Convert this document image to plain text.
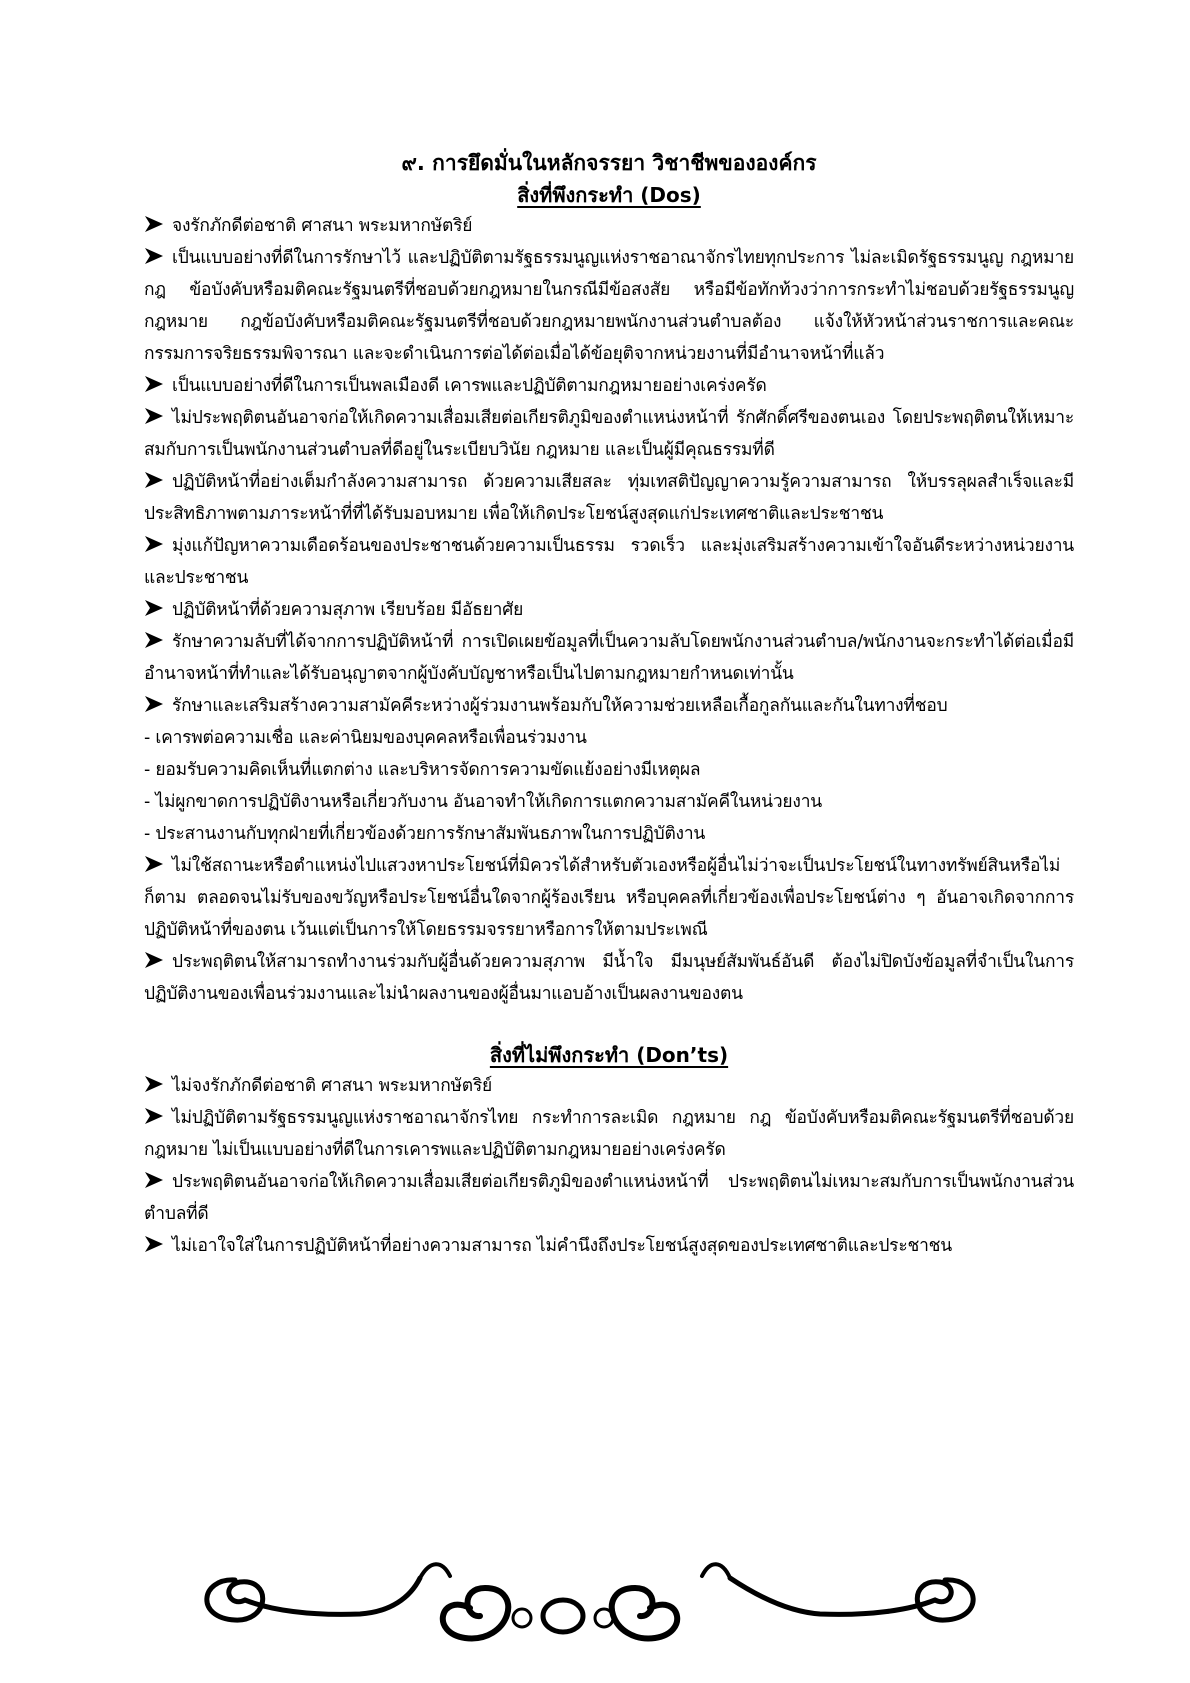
๙. การยึดมั่นในหลักจรรยา วิชาชีพขององค์กร
สิ่งที่พึงกระทำ (Dos)

จงรักภักดีต่อชาติ ศาสนา พระมหากษัตริย์

เป็นแบบอย่างที่ดีในการรักษาไว้ และปฏิบัติตามรัฐธรรมนูญแห่งราชอาณาจักรไทยทุกประการ ไม่ละเมิดรัฐธรรมนูญ กฎหมาย กฎ ข้อบังคับหรือมติคณะรัฐมนตรีที่ชอบด้วยกฎหมายในกรณีมีข้อสงสัย หรือมีข้อทักท้วงว่าการกระทำไม่ชอบด้วยรัฐธรรมนูญ กฎหมาย กฎข้อบังคับหรือมติคณะรัฐมนตรีที่ชอบด้วยกฎหมายพนักงานส่วนตำบลต้อง แจ้งให้หัวหน้าส่วนราชการและคณะกรรมการจริยธรรมพิจารณา และจะดำเนินการต่อได้ต่อเมื่อได้ข้อยุติจากหน่วยงานที่มีอำนาจหน้าที่แล้ว

เป็นแบบอย่างที่ดีในการเป็นพลเมืองดี เคารพและปฏิบัติตามกฎหมายอย่างเคร่งครัด

ไม่ประพฤติตนอันอาจก่อให้เกิดความเสื่อมเสียต่อเกียรติภูมิของตำแหน่งหน้าที่ รักศักดิ์ศรีของตนเอง โดยประพฤติตนให้เหมาะสมกับการเป็นพนักงานส่วนตำบลที่ดีอยู่ในระเบียบวินัย กฎหมาย และเป็นผู้มีคุณธรรมที่ดี

ปฏิบัติหน้าที่อย่างเต็มกำลังความสามารถ ด้วยความเสียสละ ทุ่มเทสติปัญญาความรู้ความสามารถ ให้บรรลุผลสำเร็จและมีประสิทธิภาพตามภาระหน้าที่ที่ได้รับมอบหมาย เพื่อให้เกิดประโยชน์สูงสุดแก่ประเทศชาติและประชาชน

มุ่งแก้ปัญหาความเดือดร้อนของประชาชนด้วยความเป็นธรรม รวดเร็ว และมุ่งเสริมสร้างความเข้าใจอันดีระหว่างหน่วยงานและประชาชน

ปฏิบัติหน้าที่ด้วยความสุภาพ เรียบร้อย มีอัธยาศัย

รักษาความลับที่ได้จากการปฏิบัติหน้าที่ การเปิดเผยข้อมูลที่เป็นความลับโดยพนักงานส่วนตำบล/พนักงานจะกระทำได้ต่อเมื่อมีอำนาจหน้าที่ทำและได้รับอนุญาตจากผู้บังคับบัญชาหรือเป็นไปตามกฎหมายกำหนดเท่านั้น

รักษาและเสริมสร้างความสามัคคีระหว่างผู้ร่วมงานพร้อมกับให้ความช่วยเหลือเกื้อกูลกันและกันในทางที่ชอบ

- เคารพต่อความเชื่อ และค่านิยมของบุคคลหรือเพื่อนร่วมงาน

- ยอมรับความคิดเห็นที่แตกต่าง และบริหารจัดการความขัดแย้งอย่างมีเหตุผล

- ไม่ผูกขาดการปฏิบัติงานหรือเกี่ยวกับงาน อันอาจทำให้เกิดการแตกความสามัคคีในหน่วยงาน

- ประสานงานกับทุกฝ่ายที่เกี่ยวข้องด้วยการรักษาสัมพันธภาพในการปฏิบัติงาน

ไม่ใช้สถานะหรือตำแหน่งไปแสวงหาประโยชน์ที่มิควรได้สำหรับตัวเองหรือผู้อื่นไม่ว่าจะเป็นประโยชน์ในทางทรัพย์สินหรือไม่ก็ตาม ตลอดจนไม่รับของขวัญหรือประโยชน์อื่นใดจากผู้ร้องเรียน หรือบุคคลที่เกี่ยวข้องเพื่อประโยชน์ต่าง ๆ อันอาจเกิดจากการปฏิบัติหน้าที่ของตน เว้นแต่เป็นการให้โดยธรรมจรรยาหรือการให้ตามประเพณี

ประพฤติตนให้สามารถทำงานร่วมกับผู้อื่นด้วยความสุภาพ มีน้ำใจ มีมนุษย์สัมพันธ์อันดี ต้องไม่ปิดบังข้อมูลที่จำเป็นในการปฏิบัติงานของเพื่อนร่วมงานและไม่นำผลงานของผู้อื่นมาแอบอ้างเป็นผลงานของตน

สิ่งที่ไม่พึงกระทำ (Don’ts)

ไม่จงรักภักดีต่อชาติ ศาสนา พระมหากษัตริย์

ไม่ปฏิบัติตามรัฐธรรมนูญแห่งราชอาณาจักรไทย กระทำการละเมิด กฎหมาย กฎ ข้อบังคับหรือมติคณะรัฐมนตรีที่ชอบด้วยกฎหมาย ไม่เป็นแบบอย่างที่ดีในการเคารพและปฏิบัติตามกฎหมายอย่างเคร่งครัด

ประพฤติตนอันอาจก่อให้เกิดความเสื่อมเสียต่อเกียรติภูมิของตำแหน่งหน้าที่ ประพฤติตนไม่เหมาะสมกับการเป็นพนักงานส่วนตำบลที่ดี

ไม่เอาใจใส่ในการปฏิบัติหน้าที่อย่างความสามารถ ไม่คำนึงถึงประโยชน์สูงสุดของประเทศชาติและประชาชน
